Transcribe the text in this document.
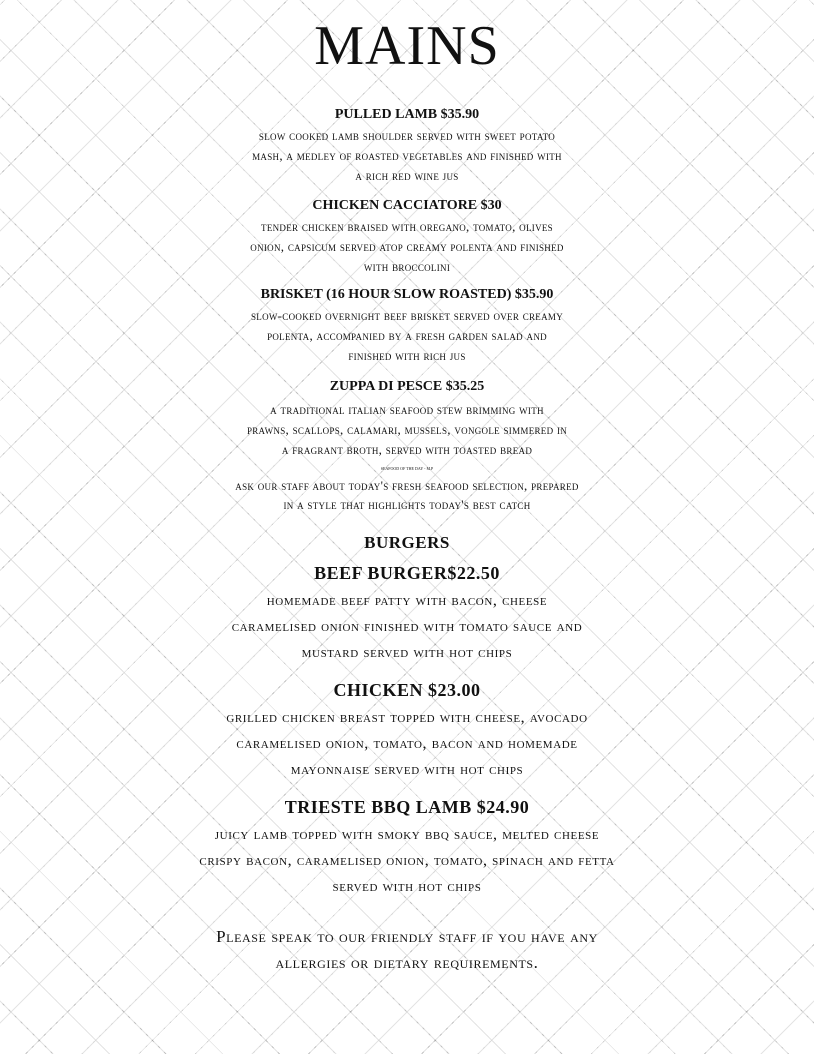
MAINS
PULLED LAMB $35.90
slow cooked lamb shoulder served with sweet potato
mash, a medley of roasted vegetables and finished with
a rich red wine jus
CHICKEN CACCIATORE $30
tender chicken braised with oregano, tomato, olives
onion, capsicum served atop creamy polenta and finished
with broccolini
BRISKET (16 HOUR SLOW ROASTED) $35.90
slow-cooked overnight beef brisket served over creamy
polenta, accompanied by a fresh garden salad and
finished with rich jus
ZUPPA DI PESCE $35.25
a traditional italian seafood stew brimming with
prawns, scallops, calamari, mussels, vongole simmered in
a fragrant broth, served with toasted bread
SEAFOOD OF THE DAY - M.P
ask our staff about today's fresh seafood selection, prepared
in a style that highlights today's best catch
BURGERS
BEEF BURGER$22.50
homemade beef patty with bacon, cheese
caramelised onion finished with tomato sauce and
mustard served with hot chips
CHICKEN $23.00
grilled chicken breast topped with cheese, avocado
caramelised onion, tomato, bacon and homemade
mayonnaise served with hot chips
TRIESTE BBQ LAMB $24.90
juicy lamb topped with smoky bbq sauce, melted cheese
crispy bacon, caramelised onion, tomato, spinach and fetta
served with hot chips
Please speak to our friendly staff if you have any
allergies or dietary requirements.
